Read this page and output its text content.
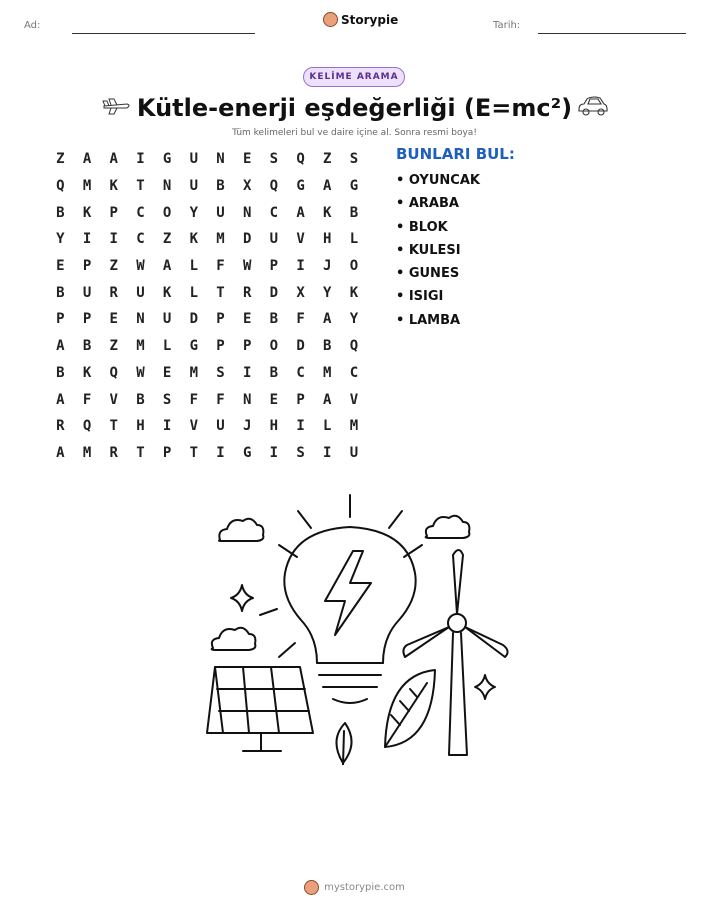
Ad:	Storypie	Tarih:
KELİME ARAMA
Kütle-enerji eşdeğerliği (E=mc²)
Tüm kelimeleri bul ve daire içine al. Sonra resmi boya!
Z	A	A	I	G	U	N	E	S	Q	Z	S
Q	M	K	T	N	U	B	X	Q	G	A	G
B	K	P	C	O	Y	U	N	C	A	K	B
Y	I	I	C	Z	K	M	D	U	V	H	L
E	P	Z	W	A	L	F	W	P	I	J	O
B	U	R	U	K	L	T	R	D	X	Y	K
P	P	E	N	U	D	P	E	B	F	A	Y
A	B	Z	M	L	G	P	P	O	D	B	Q
B	K	Q	W	E	M	S	I	B	C	M	C
A	F	V	B	S	F	F	N	E	P	A	V
R	Q	T	H	I	V	U	J	H	I	L	M
A	M	R	T	P	T	I	G	I	S	I	U
BUNLARI BUL:
• OYUNCAK
• ARABA
• BLOK
• KULESI
• GUNES
• ISIGI
• LAMBA
mystorypie.com
